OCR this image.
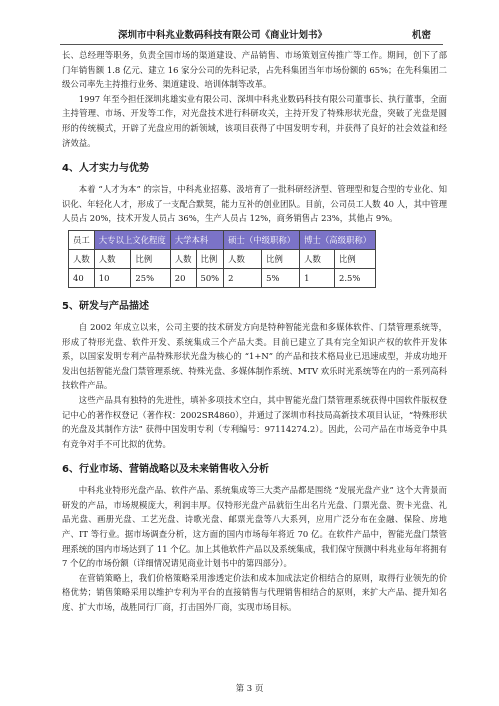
深圳市中科兆业数码科技有限公司《商业计划书》	机密

长、总经理等职务，负责全国市场的渠道建设、产品销售、市场策划宣传推广等工作。期间，创下了部门年销售额 1.8 亿元、建立 16 家分公司的先科记录，占先科集团当年市场份额的 65%；在先科集团二级公司率先主持推行业务、渠道建设、培训体制等改革。

1997 年至今担任深圳兆雄实业有限公司、深圳中科兆业数码科技有限公司董事长、执行董事，全面主持管理、市场、开发等工作，对光盘技术进行科研攻关，主持开发了特殊形状光盘，突破了光盘是圆形的传统模式，开辟了光盘应用的新领域，该项目获得了中国发明专利，并获得了良好的社会效益和经济效益。

4、人才实力与优势

本着 “人才为本” 的宗旨，中科兆业招募、汲培育了一批科研经济型、管理型和复合型的专业化、知识化、年轻化人才，形成了一支配合默契，能力互补的创业团队。目前，公司员工人数 40 人，其中管理人员占 20%，技术开发人员占 36%，生产人员占 12%，商务销售占 23%，其他占 9%。

员工	大专以上文化程度		大学本科		硕士（中级职称）		博士（高级职称）	
人数	人数	比例	人数	比例	人数	比例	人数	比例
40	10	25%	20	50%	2	5%	1	2.5%
5、研发与产品描述

自 2002 年成立以来，公司主要的技术研发方向是特种智能光盘和多媒体软件、门禁管理系统等，形成了特形光盘、软件开发、系统集成三个产品大类。目前已建立了具有完全知识产权的软件开发体系，以国家发明专利产品特殊形状光盘为核心的 “1+N” 的产品和技术格局业已迅速成型，并成功地开发出包括智能光盘门禁管理系统、特殊光盘、多媒体制作系统、MTV 欢乐时光系统等在内的一系列高科技软件产品。

这些产品具有独特的先进性，填补多项技术空白，其中智能光盘门禁管理系统获得中国软件版权登记中心的著作权登记（著作权：2002SR4860），并通过了深圳市科技局高新技术项目认证，“特殊形状的光盘及其制作方法” 获得中国发明专利（专利编号：97114274.2）。因此，公司产品在市场竞争中具有竞争对手不可比拟的优势。

6、行业市场、营销战略以及未来销售收入分析

中科兆业特形光盘产品、软件产品、系统集成等三大类产品都是围绕 “发展光盘产业” 这个大背景而研发的产品，市场规模庞大，利润丰厚。仅特形光盘产品就衍生出名片光盘、门票光盘、贺卡光盘、礼品光盘、画册光盘、工艺光盘、诗歌光盘、邮票光盘等八大系列，应用广泛分布在金融、保险、房地产、IT 等行业。据市场调查分析，这方面的国内市场每年将近 70 亿。在软件产品中，智能光盘门禁管理系统的国内市场达到了 11 个亿。加上其他软件产品以及系统集成，我们保守预测中科兆业每年将拥有 7 个亿的市场份额（详细情况请见商业计划书中的第四部分）。

在营销策略上，我们价格策略采用渗透定价法和成本加成法定价相结合的原则，取得行业领先的价格优势；销售策略采用以维护专利为平台的直接销售与代理销售相结合的原则，来扩大产品、提升知名度、扩大市场，战胜同行厂商，打击国外厂商，实现市场目标。

第 3 页
